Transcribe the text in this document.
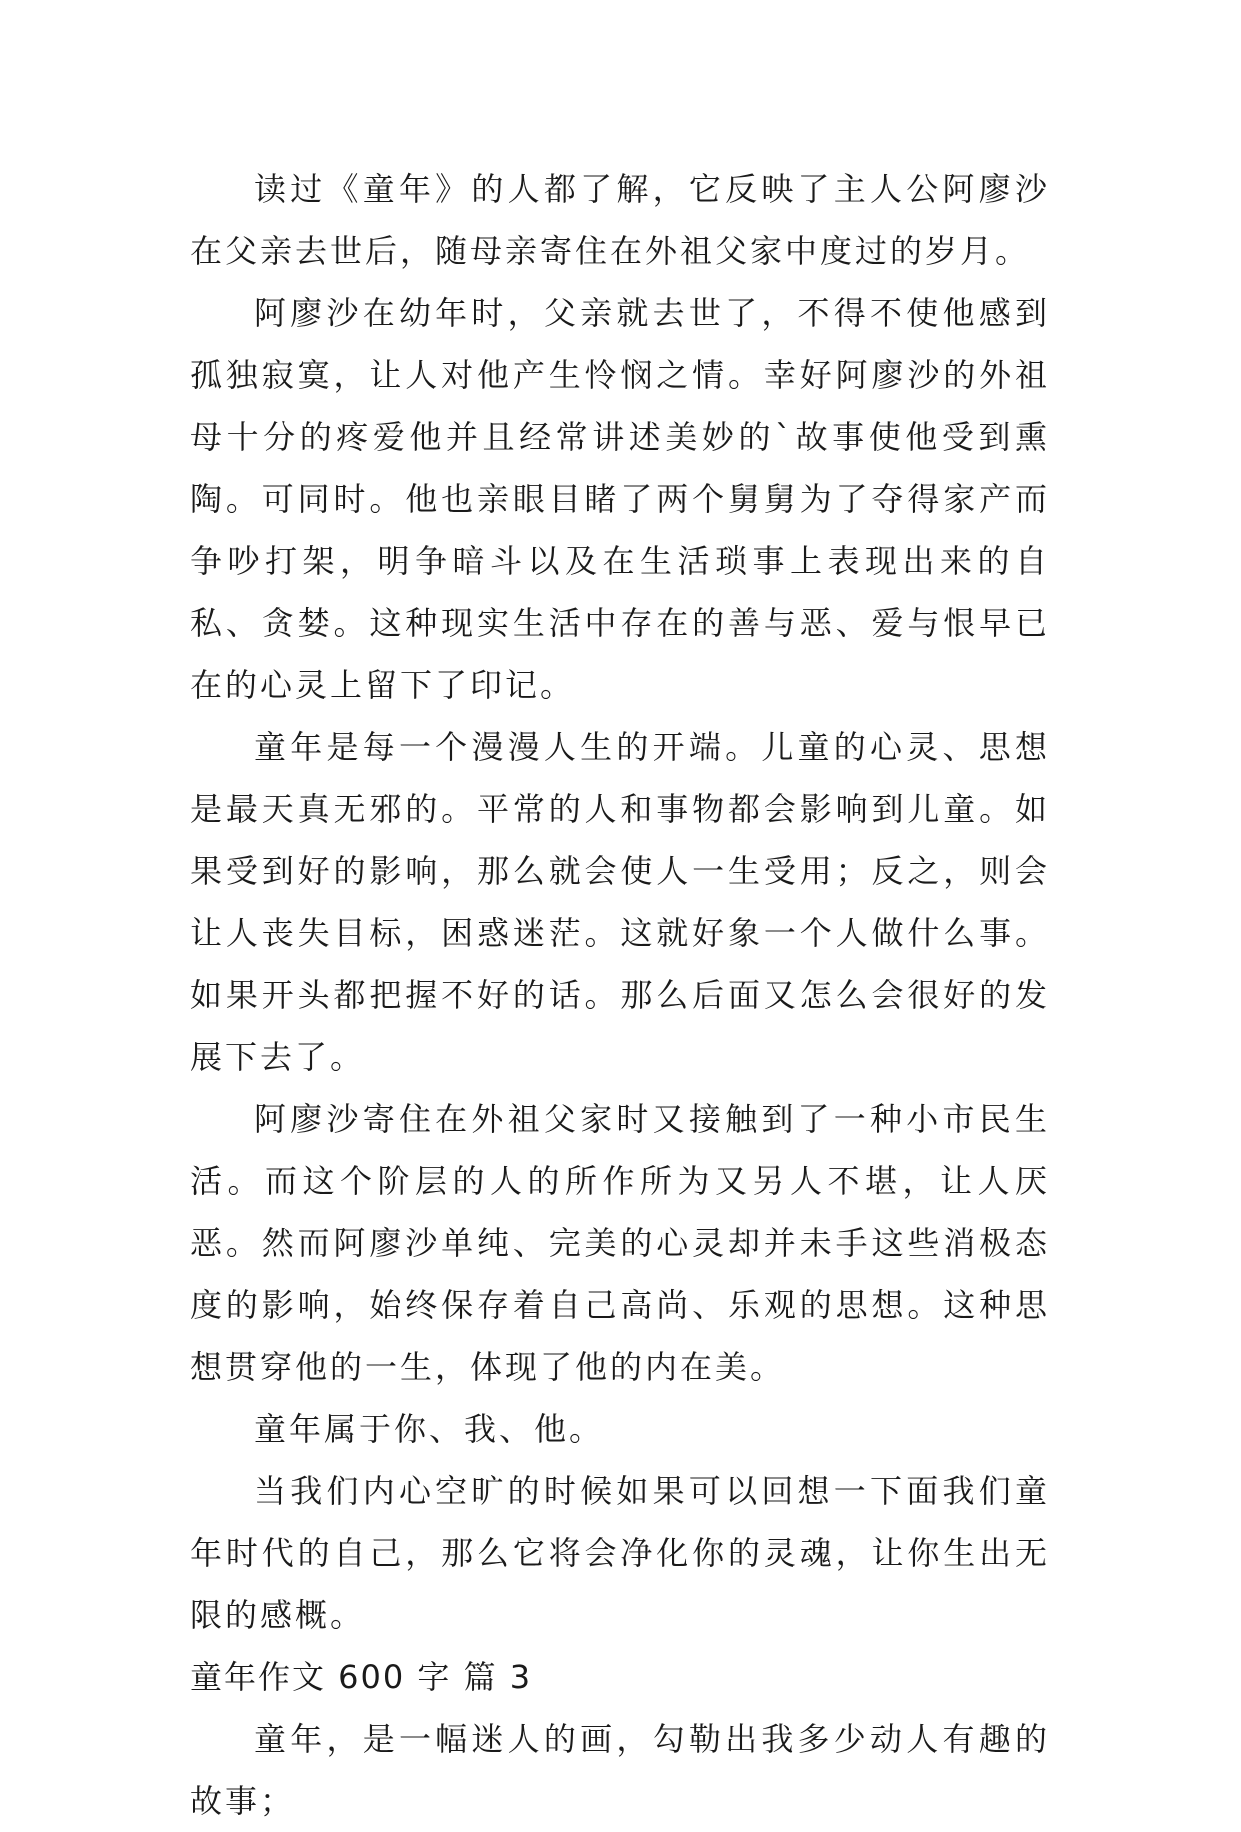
读过《童年》的人都了解，它反映了主人公阿廖沙在父亲去世后，随母亲寄住在外祖父家中度过的岁月。

阿廖沙在幼年时，父亲就去世了，不得不使他感到孤独寂寞，让人对他产生怜悯之情。幸好阿廖沙的外祖母十分的疼爱他并且经常讲述美妙的`故事使他受到熏陶。可同时。他也亲眼目睹了两个舅舅为了夺得家产而争吵打架，明争暗斗以及在生活琐事上表现出来的自私、贪婪。这种现实生活中存在的善与恶、爱与恨早已在的心灵上留下了印记。

童年是每一个漫漫人生的开端。儿童的心灵、思想是最天真无邪的。平常的人和事物都会影响到儿童。如果受到好的影响，那么就会使人一生受用；反之，则会让人丧失目标，困惑迷茫。这就好象一个人做什么事。如果开头都把握不好的话。那么后面又怎么会很好的发展下去了。

阿廖沙寄住在外祖父家时又接触到了一种小市民生活。而这个阶层的人的所作所为又另人不堪，让人厌恶。然而阿廖沙单纯、完美的心灵却并未手这些消极态度的影响，始终保存着自己高尚、乐观的思想。这种思想贯穿他的一生，体现了他的内在美。

童年属于你、我、他。

当我们内心空旷的时候如果可以回想一下面我们童年时代的自己，那么它将会净化你的灵魂，让你生出无限的感概。

童年作文 600 字 篇 3

童年，是一幅迷人的画，勾勒出我多少动人有趣的故事；
